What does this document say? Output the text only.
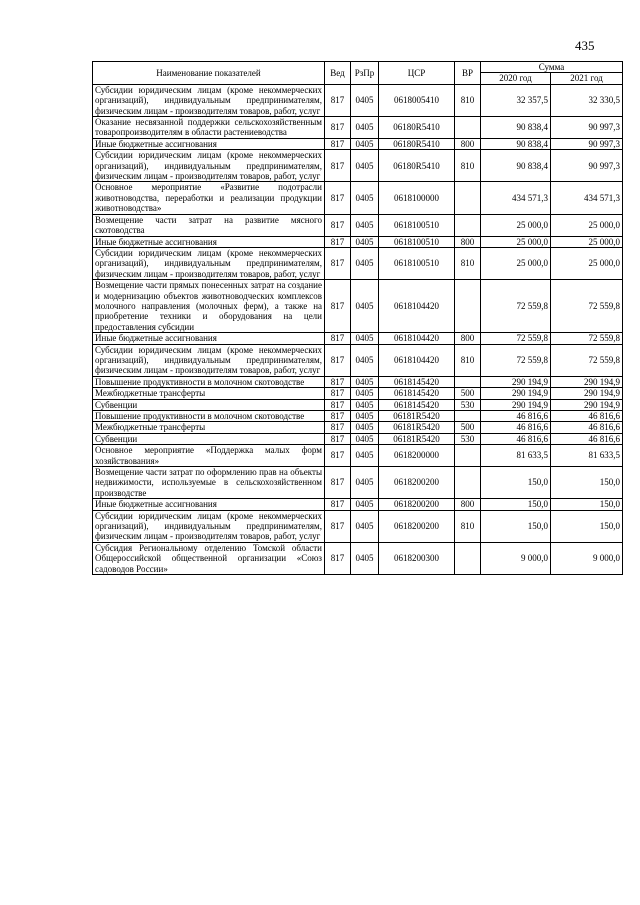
435
Наименование показателей	Вед	РзПр	ЦСР	ВР	Сумма	
					2020 год	2021 год
Субсидии юридическим лицам (кроме некоммерческих организаций), индивидуальным предпринимателям, физическим лицам - производителям товаров, работ, услуг	817	0405	0618005410	810	32 357,5	32 330,5
Оказание несвязанной поддержки сельскохозяйственным товаропроизводителям в области растениеводства	817	0405	06180R5410		90 838,4	90 997,3
Иные бюджетные ассигнования	817	0405	06180R5410	800	90 838,4	90 997,3
Субсидии юридическим лицам (кроме некоммерческих организаций), индивидуальным предпринимателям, физическим лицам - производителям товаров, работ, услуг	817	0405	06180R5410	810	90 838,4	90 997,3
Основное мероприятие «Развитие подотрасли животноводства, переработки и реализации продукции животноводства»	817	0405	0618100000		434 571,3	434 571,3
Возмещение части затрат на развитие мясного скотоводства	817	0405	0618100510		25 000,0	25 000,0
Иные бюджетные ассигнования	817	0405	0618100510	800	25 000,0	25 000,0
Субсидии юридическим лицам (кроме некоммерческих организаций), индивидуальным предпринимателям, физическим лицам - производителям товаров, работ, услуг	817	0405	0618100510	810	25 000,0	25 000,0
Возмещение части прямых понесенных затрат на создание и модернизацию объектов животноводческих комплексов молочного направления (молочных ферм), а также на приобретение техники и оборудования на цели предоставления субсидии	817	0405	0618104420		72 559,8	72 559,8
Иные бюджетные ассигнования	817	0405	0618104420	800	72 559,8	72 559,8
Субсидии юридическим лицам (кроме некоммерческих организаций), индивидуальным предпринимателям, физическим лицам - производителям товаров, работ, услуг	817	0405	0618104420	810	72 559,8	72 559,8
Повышение продуктивности в молочном скотоводстве	817	0405	0618145420		290 194,9	290 194,9
Межбюджетные трансферты	817	0405	0618145420	500	290 194,9	290 194,9
Субвенции	817	0405	0618145420	530	290 194,9	290 194,9
Повышение продуктивности в молочном скотоводстве	817	0405	06181R5420		46 816,6	46 816,6
Межбюджетные трансферты	817	0405	06181R5420	500	46 816,6	46 816,6
Субвенции	817	0405	06181R5420	530	46 816,6	46 816,6
Основное мероприятие «Поддержка малых форм хозяйствования»	817	0405	0618200000		81 633,5	81 633,5
Возмещение части затрат по оформлению прав на объекты недвижимости, используемые в сельскохозяйственном производстве	817	0405	0618200200		150,0	150,0
Иные бюджетные ассигнования	817	0405	0618200200	800	150,0	150,0
Субсидии юридическим лицам (кроме некоммерческих организаций), индивидуальным предпринимателям, физическим лицам - производителям товаров, работ, услуг	817	0405	0618200200	810	150,0	150,0
Субсидия Региональному отделению Томской области Общероссийской общественной организации «Союз садоводов России»	817	0405	0618200300		9 000,0	9 000,0
